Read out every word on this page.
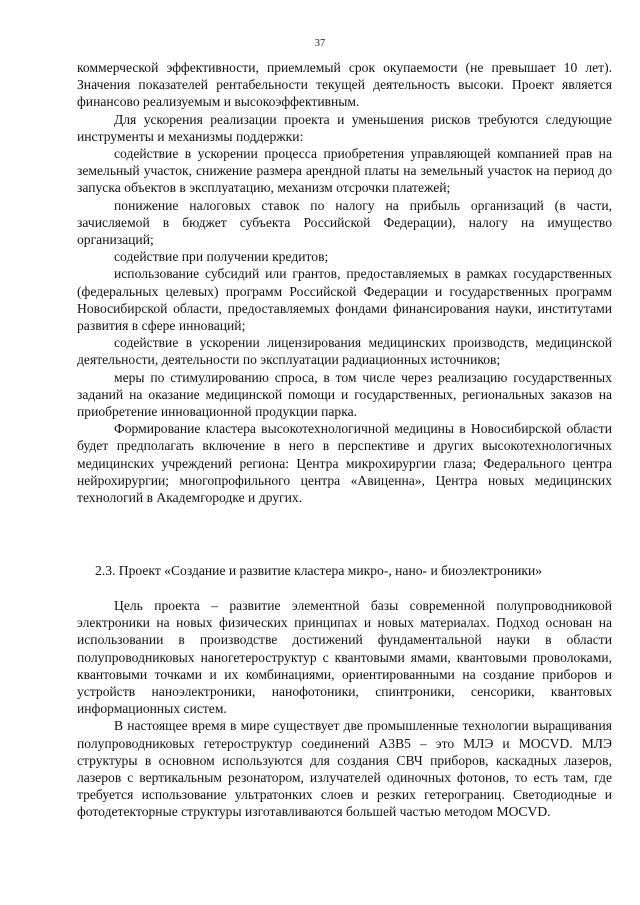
37

коммерческой эффективности, приемлемый срок окупаемости (не превышает 10 лет). Значения показателей рентабельности текущей деятельность высоки. Проект является финансово реализуемым и высокоэффективным.

Для ускорения реализации проекта и уменьшения рисков требуются следующие инструменты и механизмы поддержки:

содействие в ускорении процесса приобретения управляющей компанией прав на земельный участок, снижение размера арендной платы на земельный участок на период до запуска объектов в эксплуатацию, механизм отсрочки платежей;

понижение налоговых ставок по налогу на прибыль организаций (в части, зачисляемой в бюджет субъекта Российской Федерации), налогу на имущество организаций;

содействие при получении кредитов;

использование субсидий или грантов, предоставляемых в рамках государственных (федеральных целевых) программ Российской Федерации и государственных программ Новосибирской области, предоставляемых фондами финансирования науки, институтами развития в сфере инноваций;

содействие в ускорении лицензирования медицинских производств, медицинской деятельности, деятельности по эксплуатации радиационных источников;

меры по стимулированию спроса, в том числе через реализацию государственных заданий на оказание медицинской помощи и государственных, региональных заказов на приобретение инновационной продукции парка.

Формирование кластера высокотехнологичной медицины в Новосибирской области будет предполагать включение в него в перспективе и других высокотехнологичных медицинских учреждений региона: Центра микрохирургии глаза; Федерального центра нейрохирургии; многопрофильного центра «Авиценна», Центра новых медицинских технологий в Академгородке и других.

2.3. Проект «Создание и развитие кластера микро-, нано- и биоэлектроники»

Цель проекта – развитие элементной базы современной полупроводниковой электроники на новых физических принципах и новых материалах. Подход основан на использовании в производстве достижений фундаментальной науки в области полупроводниковых наногетероструктур с квантовыми ямами, квантовыми проволоками, квантовыми точками и их комбинациями, ориентированными на создание приборов и устройств наноэлектроники, нанофотоники, спинтроники, сенсорики, квантовых информационных систем.

В настоящее время в мире существует две промышленные технологии выращивания полупроводниковых гетероструктур соединений А3В5 – это МЛЭ и MOCVD. МЛЭ структуры в основном используются для создания СВЧ приборов, каскадных лазеров, лазеров с вертикальным резонатором, излучателей одиночных фотонов, то есть там, где требуется использование ультратонких слоев и резких гетерограниц. Светодиодные и фотодетекторные структуры изготавливаются большей частью методом MOCVD.
